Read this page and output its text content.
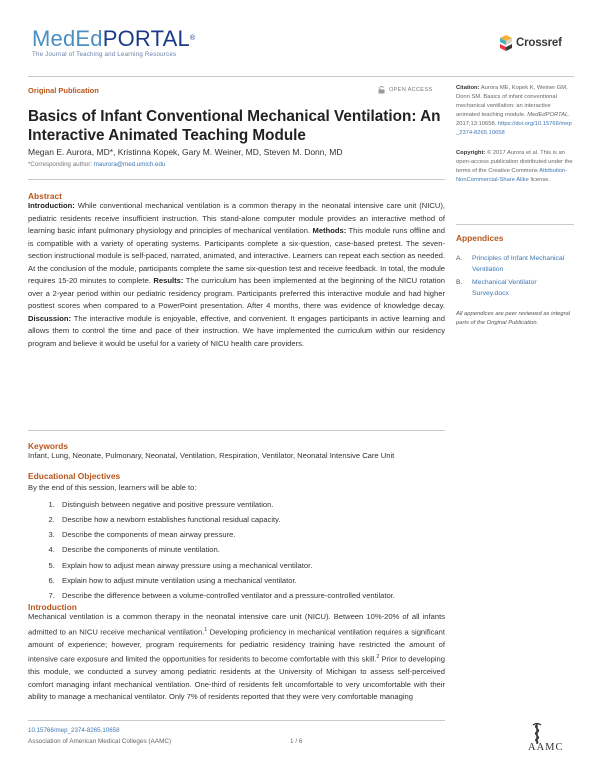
MedEdPORTAL®
The Journal of Teaching and Learning Resources
Crossref
Original Publication	OPEN ACCESS
Basics of Infant Conventional Mechanical Ventilation: An Interactive Animated Teaching Module
Megan E. Aurora, MD*, Kristinna Kopek, Gary M. Weiner, MD, Steven M. Donn, MD
*Corresponding author: maurora@med.umich.edu
Abstract
Introduction: While conventional mechanical ventilation is a common therapy in the neonatal intensive care unit (NICU), pediatric residents receive insufficient instruction. This stand-alone computer module provides an interactive method of learning basic infant pulmonary physiology and principles of mechanical ventilation. Methods: This module runs offline and is compatible with a variety of operating systems. Participants complete a six-question, case-based pretest. The seven-section instructional module is self-paced, narrated, animated, and interactive. Learners can repeat each section as needed. At the conclusion of the module, participants complete the same six-question test and receive feedback. In total, the module requires 15-20 minutes to complete. Results: The curriculum has been implemented at the beginning of the NICU rotation over a 2-year period within our pediatric residency program. Participants preferred this interactive module and had higher posttest scores when compared to a PowerPoint presentation. After 4 months, there was evidence of knowledge decay. Discussion: The interactive module is enjoyable, effective, and convenient. It engages participants in active learning and allows them to control the time and pace of their instruction. We have implemented the curriculum within our residency program and believe it would be useful for a variety of NICU health care providers.
Keywords
Infant, Lung, Neonate, Pulmonary, Neonatal, Ventilation, Respiration, Ventilator, Neonatal Intensive Care Unit
Educational Objectives
By the end of this session, learners will be able to:
1. Distinguish between negative and positive pressure ventilation.
2. Describe how a newborn establishes functional residual capacity.
3. Describe the components of mean airway pressure.
4. Describe the components of minute ventilation.
5. Explain how to adjust mean airway pressure using a mechanical ventilator.
6. Explain how to adjust minute ventilation using a mechanical ventilator.
7. Describe the difference between a volume-controlled ventilator and a pressure-controlled ventilator.
Introduction
Mechanical ventilation is a common therapy in the neonatal intensive care unit (NICU). Between 10%-20% of all infants admitted to an NICU receive mechanical ventilation.$^1$ Developing proficiency in mechanical ventilation requires a significant amount of experience; however, program requirements for pediatric residency training have restricted the amount of intensive care exposure and limited the opportunities for residents to become comfortable with this skill.$^2$ Prior to developing this module, we conducted a survey among pediatric residents at the University of Michigan to assess self-perceived comfort managing infant mechanical ventilation. One-third of residents felt uncomfortable to very uncomfortable with their ability to manage a mechanical ventilator. Only 7% of residents reported that they were very comfortable managing
Citation: Aurora ME, Kopek K, Weiner GM, Donn SM. Basics of infant conventional mechanical ventilation: an interactive animated teaching module. MedEdPORTAL. 2017;13:10658. https://doi.org/10.15766/mep_2374-8265.10658
Copyright: © 2017 Aurora et al. This is an open-access publication distributed under the terms of the Creative Commons Attribution-NonCommercial-Share Alike license.
Appendices
A.	Principles of Infant Mechanical Ventilation
B.	Mechanical Ventilator Survey.docx
All appendices are peer reviewed as integral parts of the Original Publication.
10.15766/mep_2374-8265.10658
Association of American Medical Colleges (AAMC)	1 / 6
AAMC
